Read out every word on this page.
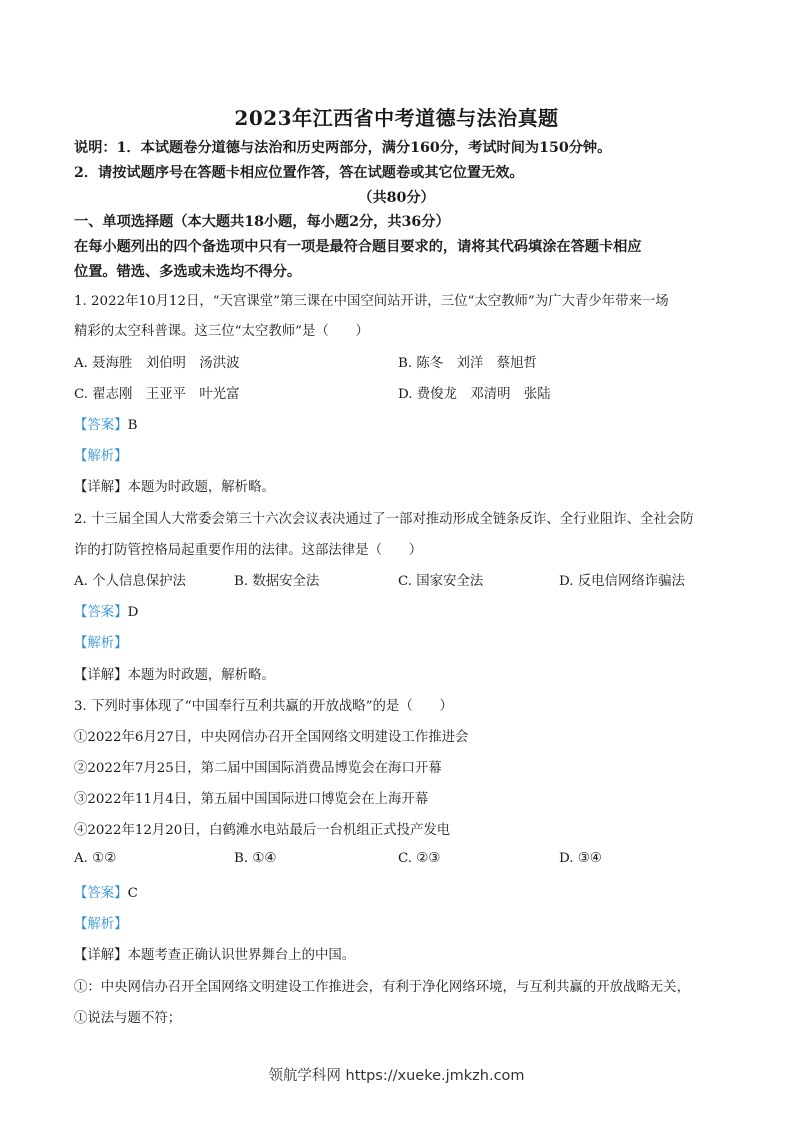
2023年江西省中考道德与法治真题
说明：1．本试题卷分道德与法治和历史两部分，满分160分，考试时间为150分钟。
2．请按试题序号在答题卡相应位置作答，答在试题卷或其它位置无效。
（共80分）
一、单项选择题（本大题共18小题，每小题2分，共36分）
在每小题列出的四个备选项中只有一项是最符合题目要求的，请将其代码填涂在答题卡相应
位置。错选、多选或未选均不得分。
1. 2022年10月12日，“天宫课堂”第三课在中国空间站开讲，三位“太空教师”为广大青少年带来一场
精彩的太空科普课。这三位“太空教师”是（　　）
A. 聂海胜　刘伯明　汤洪波	B. 陈冬　刘洋　蔡旭哲
C. 翟志刚　王亚平　叶光富	D. 费俊龙　邓清明　张陆
【答案】B
【解析】
【详解】本题为时政题，解析略。
2. 十三届全国人大常委会第三十六次会议表决通过了一部对推动形成全链条反诈、全行业阻诈、全社会防
诈的打防管控格局起重要作用的法律。这部法律是（　　）
A. 个人信息保护法	B. 数据安全法	C. 国家安全法	D. 反电信网络诈骗法
【答案】D
【解析】
【详解】本题为时政题，解析略。
3. 下列时事体现了“中国奉行互利共赢的开放战略”的是（　　）
①2022年6月27日，中央网信办召开全国网络文明建设工作推进会
②2022年7月25日，第二届中国国际消费品博览会在海口开幕
③2022年11月4日，第五届中国国际进口博览会在上海开幕
④2022年12月20日，白鹤滩水电站最后一台机组正式投产发电
A. ①②	B. ①④	C. ②③	D. ③④
【答案】C
【解析】
【详解】本题考查正确认识世界舞台上的中国。
①：中央网信办召开全国网络文明建设工作推进会，有利于净化网络环境，与互利共赢的开放战略无关，
①说法与题不符；
领航学科网 https://xueke.jmkzh.com
